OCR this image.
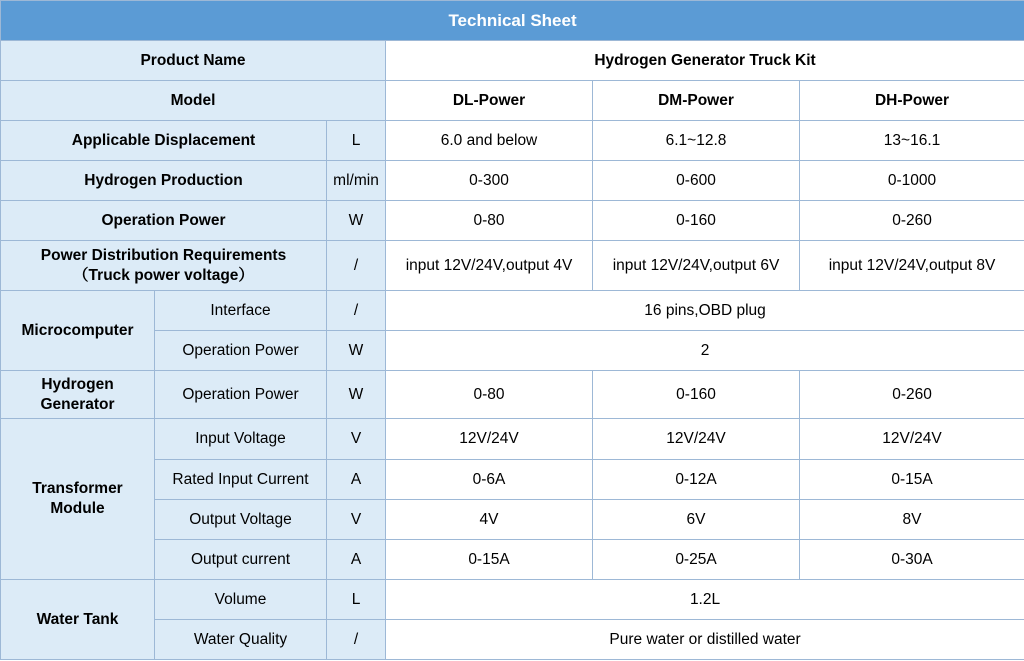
Technical Sheet					
Product Name			Hydrogen Generator Truck Kit		
Model			DL-Power	DM-Power	DH-Power
Applicable Displacement		L	6.0 and below	6.1~12.8	13~16.1
Hydrogen Production		ml/min	0-300	0-600	0-1000
Operation Power		W	0-80	0-160	0-260

Power Distribution Requirements
（Truck power voltage）		/	input 12V/24V,output 4V	input 12V/24V,output 6V	input 12V/24V,output 8V
Microcomputer	Interface	/	16 pins,OBD plug		
	Operation Power	W	2		

Hydrogen
Generator	Operation Power	W	0-80	0-160	0-260

Transformer
Module	Input Voltage	V	12V/24V	12V/24V	12V/24V
	Rated Input Current	A	0-6A	0-12A	0-15A
	Output Voltage	V	4V	6V	8V
	Output current	A	0-15A	0-25A	0-30A
Water Tank	Volume	L	1.2L		
	Water Quality	/	Pure water or distilled water		
